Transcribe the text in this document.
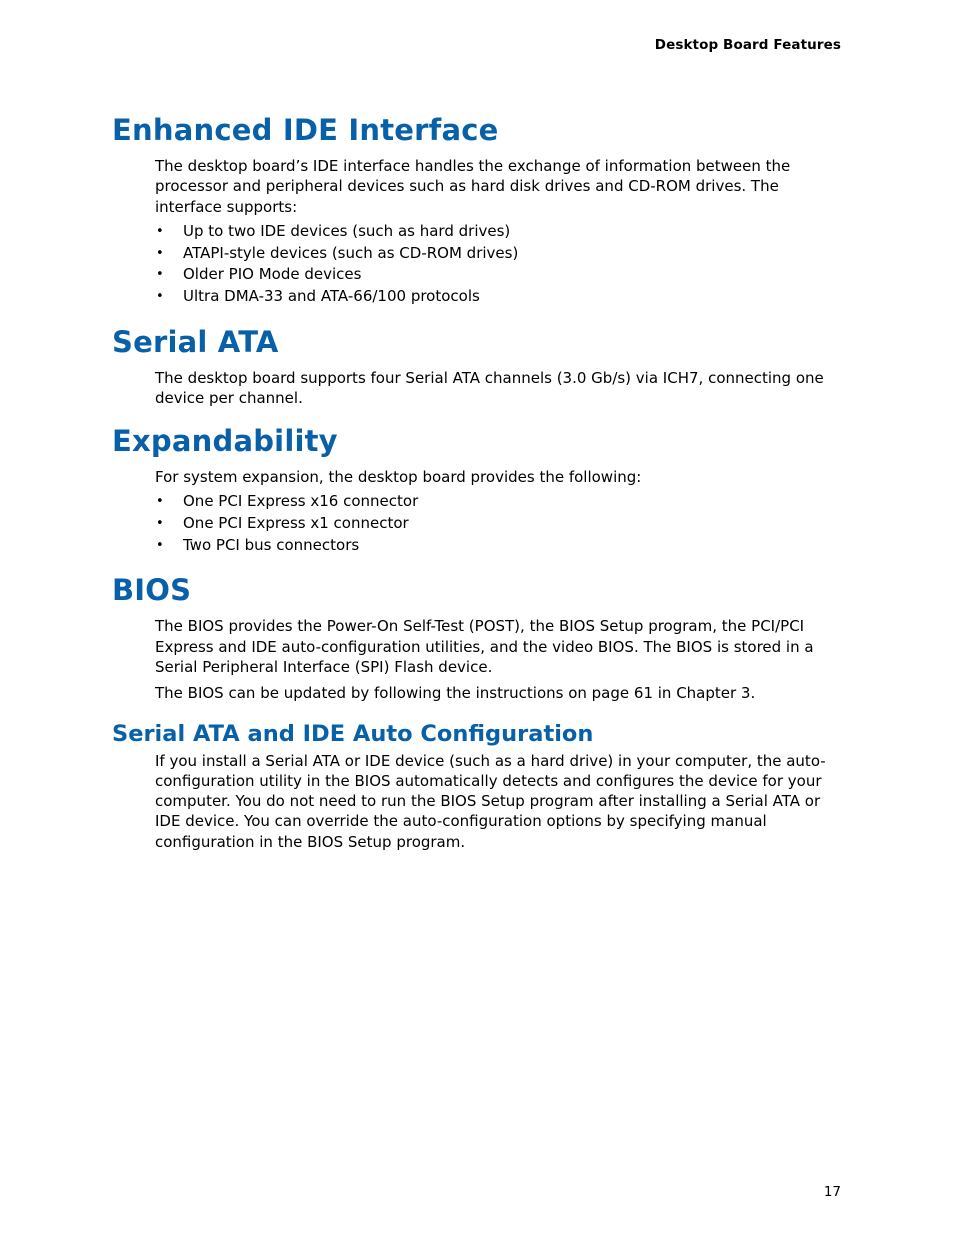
Desktop Board Features
Enhanced IDE Interface

The desktop board’s IDE interface handles the exchange of information between the processor and peripheral devices such as hard disk drives and CD-ROM drives. The interface supports:

• Up to two IDE devices (such as hard drives)
• ATAPI-style devices (such as CD-ROM drives)
• Older PIO Mode devices
• Ultra DMA-33 and ATA-66/100 protocols
Serial ATA

The desktop board supports four Serial ATA channels (3.0 Gb/s) via ICH7, connecting one device per channel.

Expandability

For system expansion, the desktop board provides the following:

• One PCI Express x16 connector
• One PCI Express x1 connector
• Two PCI bus connectors
BIOS

The BIOS provides the Power-On Self-Test (POST), the BIOS Setup program, the PCI/PCI Express and IDE auto-configuration utilities, and the video BIOS. The BIOS is stored in a Serial Peripheral Interface (SPI) Flash device.

The BIOS can be updated by following the instructions on page 61 in Chapter 3.

Serial ATA and IDE Auto Configuration

If you install a Serial ATA or IDE device (such as a hard drive) in your computer, the auto-configuration utility in the BIOS automatically detects and configures the device for your computer. You do not need to run the BIOS Setup program after installing a Serial ATA or IDE device. You can override the auto-configuration options by specifying manual configuration in the BIOS Setup program.

17
